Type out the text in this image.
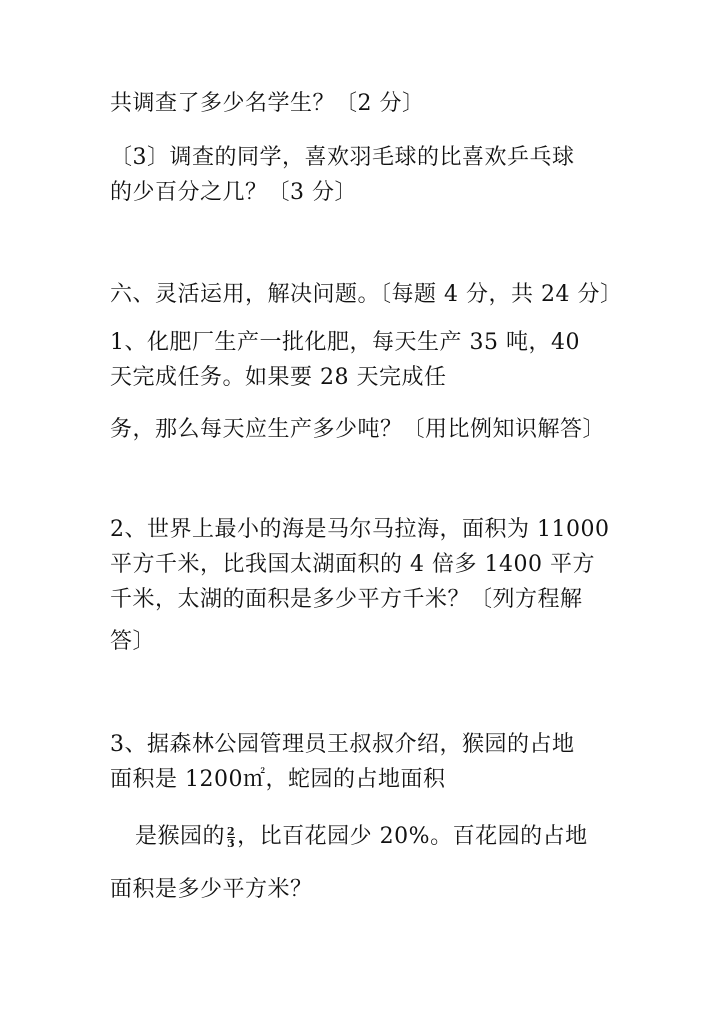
共调查了多少名学生？〔2 分〕
〔3〕调查的同学，喜欢羽毛球的比喜欢乒乓球
的少百分之几？〔3 分〕
六、灵活运用，解决问题。〔每题 4 分，共 24 分〕
1、化肥厂生产一批化肥，每天生产 35 吨，40
天完成任务。如果要 28 天完成任
务，那么每天应生产多少吨？〔用比例知识解答〕
2、世界上最小的海是马尔马拉海，面积为 11000
平方千米，比我国太湖面积的 4 倍多 1400 平方
千米，太湖的面积是多少平方千米？〔列方程解
答〕
3、据森林公园管理员王叔叔介绍，猴园的占地
面积是 1200㎡，蛇园的占地面积
是猴园的 $\frac{2}{3}$ ，比百花园少 20%。百花园的占地
面积是多少平方米？
